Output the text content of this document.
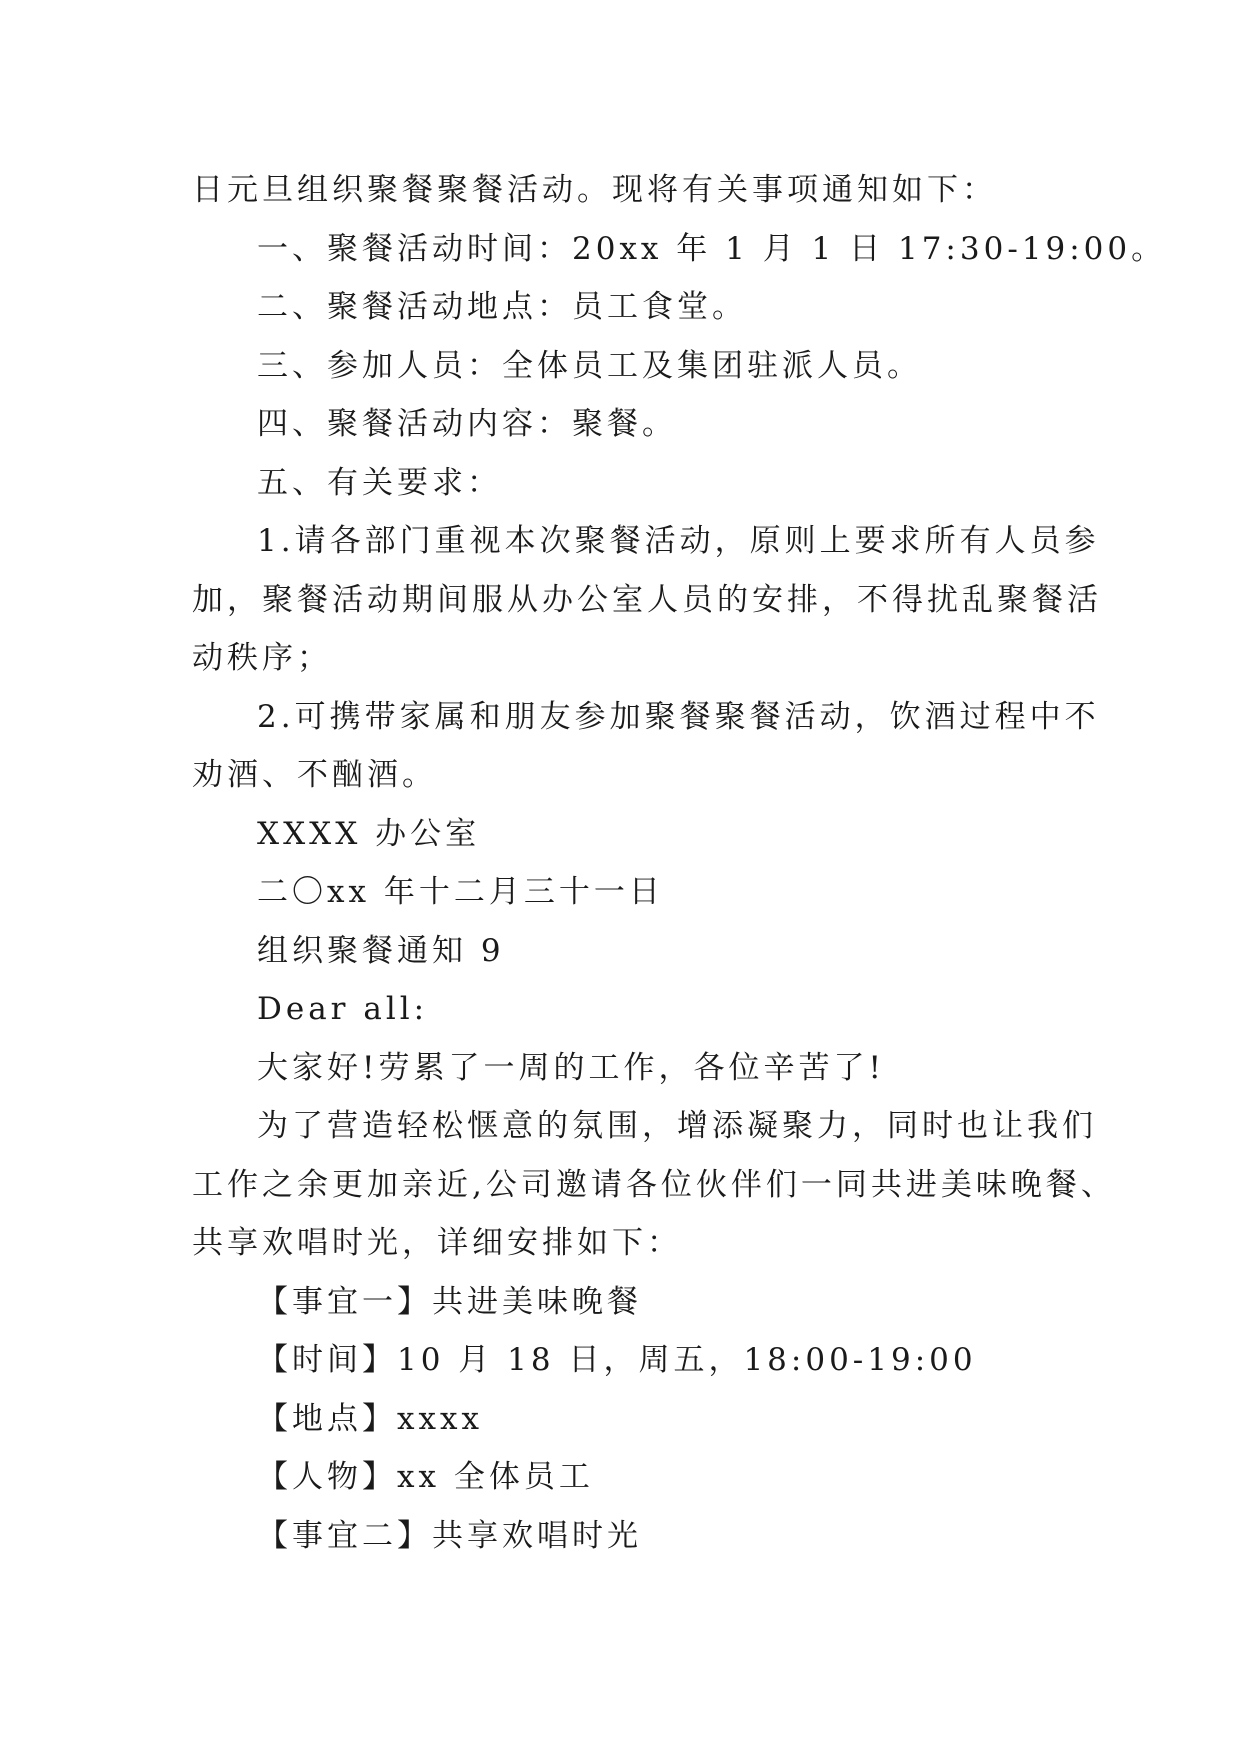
日元旦组织聚餐聚餐活动。现将有关事项通知如下：
一、聚餐活动时间：20xx 年 1 月 1 日 17:30-19:00。
二、聚餐活动地点：员工食堂。
三、参加人员：全体员工及集团驻派人员。
四、聚餐活动内容：聚餐。
五、有关要求：
1.请各部门重视本次聚餐活动，原则上要求所有人员参
加，聚餐活动期间服从办公室人员的安排，不得扰乱聚餐活
动秩序；
2.可携带家属和朋友参加聚餐聚餐活动，饮酒过程中不
劝酒、不酗酒。
XXXX 办公室
二〇xx 年十二月三十一日
组织聚餐通知 9
Dear all:
大家好!劳累了一周的工作，各位辛苦了!
为了营造轻松惬意的氛围，增添凝聚力，同时也让我们
工作之余更加亲近,公司邀请各位伙伴们一同共进美味晚餐、
共享欢唱时光，详细安排如下：
【事宜一】共进美味晚餐
【时间】10 月 18 日，周五，18:00-19:00
【地点】xxxx
【人物】xx 全体员工
【事宜二】共享欢唱时光
